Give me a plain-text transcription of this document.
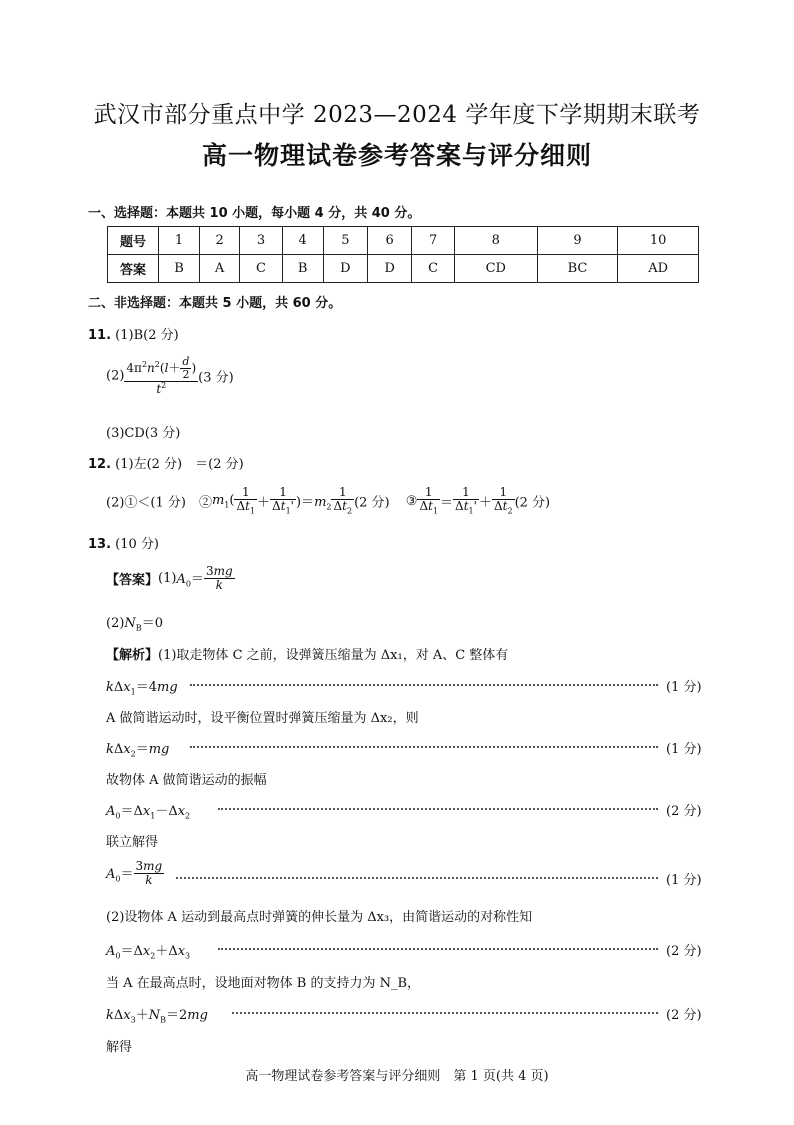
武汉市部分重点中学 2023—2024 学年度下学期期末联考
高一物理试卷参考答案与评分细则
一、选择题：本题共 10 小题，每小题 4 分，共 40 分。
题号	1	2	3	4	5	6	7	8	9	10
答案	B	A	C	B	D	D	C	CD	BC	AD
二、非选择题：本题共 5 小题，共 60 分。
11. (1)B(2 分)
$(2) \frac{4\pi^2n^2(l+ \frac{d}{2} )}{t^2} (3$ 分)
(3)CD(3 分)
12. (1)左(2 分)　＝(2 分)
(2)①＜(1 分)　$②m_1( \frac{1}{\Delta t_1} + \frac{1}{\Delta t_1'} )=m_2 \frac{1}{\Delta t_2} (2$ 分) ③ $\frac{1}{\Delta t_1} = \frac{1}{\Delta t_1'} + \frac{1}{\Delta t_2} (2$ 分)
13. (10 分)
【答案】$(1)A_0= \frac{3mg}{k}$
$(2)N_B=0$
【解析】(1)取走物体 C 之前，设弹簧压缩量为 Δx₁，对 A、C 整体有
kΔx$_1$＝4mg	(1 分)
A 做简谐运动时，设平衡位置时弹簧压缩量为 Δx₂，则
kΔx$_2$＝mg	(1 分)
故物体 A 做简谐运动的振幅
$A_0=\Delta x_1-\Delta x_2$	(2 分)
联立解得
$A_0= \frac{3mg}{k}$	(1 分)
(2)设物体 A 运动到最高点时弹簧的伸长量为 Δx₃，由简谐运动的对称性知
$A_0=\Delta x_2+\Delta x_3$	(2 分)
当 A 在最高点时，设地面对物体 B 的支持力为 N_B，
$k\Delta x_3+N_B=2mg$	(2 分)
解得
高一物理试卷参考答案与评分细则　第 1 页(共 4 页)
